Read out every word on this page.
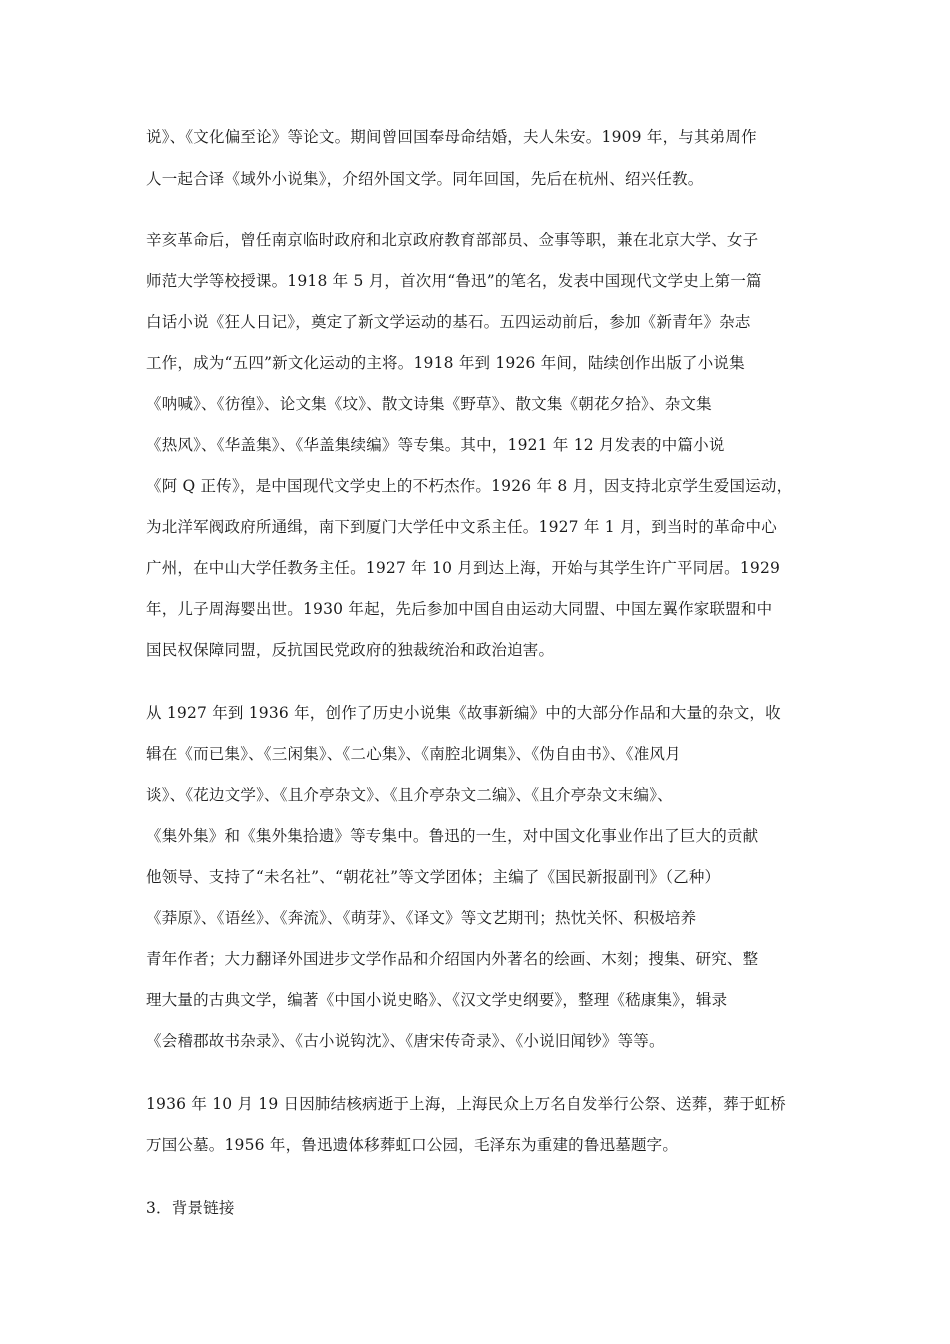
说》、《文化偏至论》等论文。期间曾回国奉母命结婚，夫人朱安。1909 年，与其弟周作
人一起合译《域外小说集》，介绍外国文学。同年回国，先后在杭州、绍兴任教。
辛亥革命后，曾任南京临时政府和北京政府教育部部员、佥事等职，兼在北京大学、女子
师范大学等校授课。1918 年 5 月，首次用“鲁迅”的笔名，发表中国现代文学史上第一篇
白话小说《狂人日记》，奠定了新文学运动的基石。五四运动前后，参加《新青年》杂志
工作，成为“五四”新文化运动的主将。1918 年到 1926 年间，陆续创作出版了小说集
《呐喊》、《彷徨》、论文集《坟》、散文诗集《野草》、散文集《朝花夕拾》、杂文集
《热风》、《华盖集》、《华盖集续编》等专集。其中，1921 年 12 月发表的中篇小说
《阿 Q 正传》，是中国现代文学史上的不朽杰作。1926 年 8 月，因支持北京学生爱国运动，
为北洋军阀政府所通缉，南下到厦门大学任中文系主任。1927 年 1 月，到当时的革命中心
广州，在中山大学任教务主任。1927 年 10 月到达上海，开始与其学生许广平同居。1929
年，儿子周海婴出世。1930 年起，先后参加中国自由运动大同盟、中国左翼作家联盟和中
国民权保障同盟，反抗国民党政府的独裁统治和政治迫害。
从 1927 年到 1936 年，创作了历史小说集《故事新编》中的大部分作品和大量的杂文，收
辑在《而已集》、《三闲集》、《二心集》、《南腔北调集》、《伪自由书》、《准风月
谈》、《花边文学》、《且介亭杂文》、《且介亭杂文二编》、《且介亭杂文末编》、
《集外集》和《集外集拾遗》等专集中。鲁迅的一生，对中国文化事业作出了巨大的贡献
他领导、支持了“未名社”、“朝花社”等文学团体；主编了《国民新报副刊》（乙种）
《莽原》、《语丝》、《奔流》、《萌芽》、《译文》等文艺期刊；热忱关怀、积极培养
青年作者；大力翻译外国进步文学作品和介绍国内外著名的绘画、木刻；搜集、研究、整
理大量的古典文学，编著《中国小说史略》、《汉文学史纲要》，整理《嵇康集》，辑录
《会稽郡故书杂录》、《古小说钩沈》、《唐宋传奇录》、《小说旧闻钞》等等。
1936 年 10 月 19 日因肺结核病逝于上海，上海民众上万名自发举行公祭、送葬，葬于虹桥
万国公墓。1956 年，鲁迅遗体移葬虹口公园，毛泽东为重建的鲁迅墓题字。
3．背景链接
